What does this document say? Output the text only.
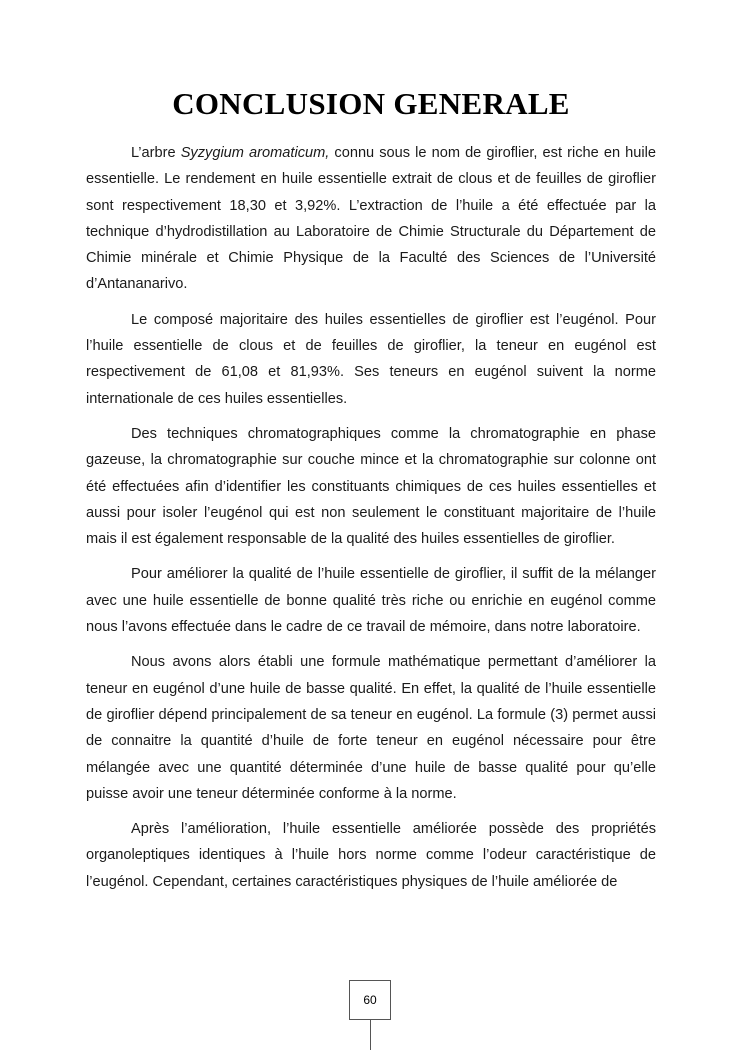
CONCLUSION GENERALE

L’arbre Syzygium aromaticum, connu sous le nom de giroflier, est riche en huile essentielle. Le rendement en huile essentielle extrait de clous et de feuilles de giroflier sont respectivement 18,30 et 3,92%. L’extraction de l’huile a été effectuée par la technique d’hydrodistillation au Laboratoire de Chimie Structurale du Département de Chimie minérale et Chimie Physique de la Faculté des Sciences de l’Université d’Antananarivo.

Le composé majoritaire des huiles essentielles de giroflier est l’eugénol. Pour l’huile essentielle de clous et de feuilles de giroflier, la teneur en eugénol est respectivement de 61,08 et 81,93%. Ses teneurs en eugénol suivent la norme internationale de ces huiles essentielles.

Des techniques chromatographiques comme la chromatographie en phase gazeuse, la chromatographie sur couche mince et la chromatographie sur colonne ont été effectuées afin d’identifier les constituants chimiques de ces huiles essentielles et aussi pour isoler l’eugénol qui est non seulement le constituant majoritaire de l’huile mais il est également responsable de la qualité des huiles essentielles de giroflier.

Pour améliorer la qualité de l’huile essentielle de giroflier, il suffit de la mélanger avec une huile essentielle de bonne qualité très riche ou enrichie en eugénol comme nous l’avons effectuée dans le cadre de ce travail de mémoire, dans notre laboratoire.

Nous avons alors établi une formule mathématique permettant d’améliorer la teneur en eugénol d’une huile de basse qualité. En effet, la qualité de l’huile essentielle de giroflier dépend principalement de sa teneur en eugénol. La formule (3) permet aussi de connaitre la quantité d’huile de forte teneur en eugénol nécessaire pour être mélangée avec une quantité déterminée d’une huile de basse qualité pour qu’elle puisse avoir une teneur déterminée conforme à la norme.

Après l’amélioration, l’huile essentielle améliorée possède des propriétés organoleptiques identiques à l’huile hors norme comme l’odeur caractéristique de l’eugénol. Cependant, certaines caractéristiques physiques de l’huile améliorée de

60
